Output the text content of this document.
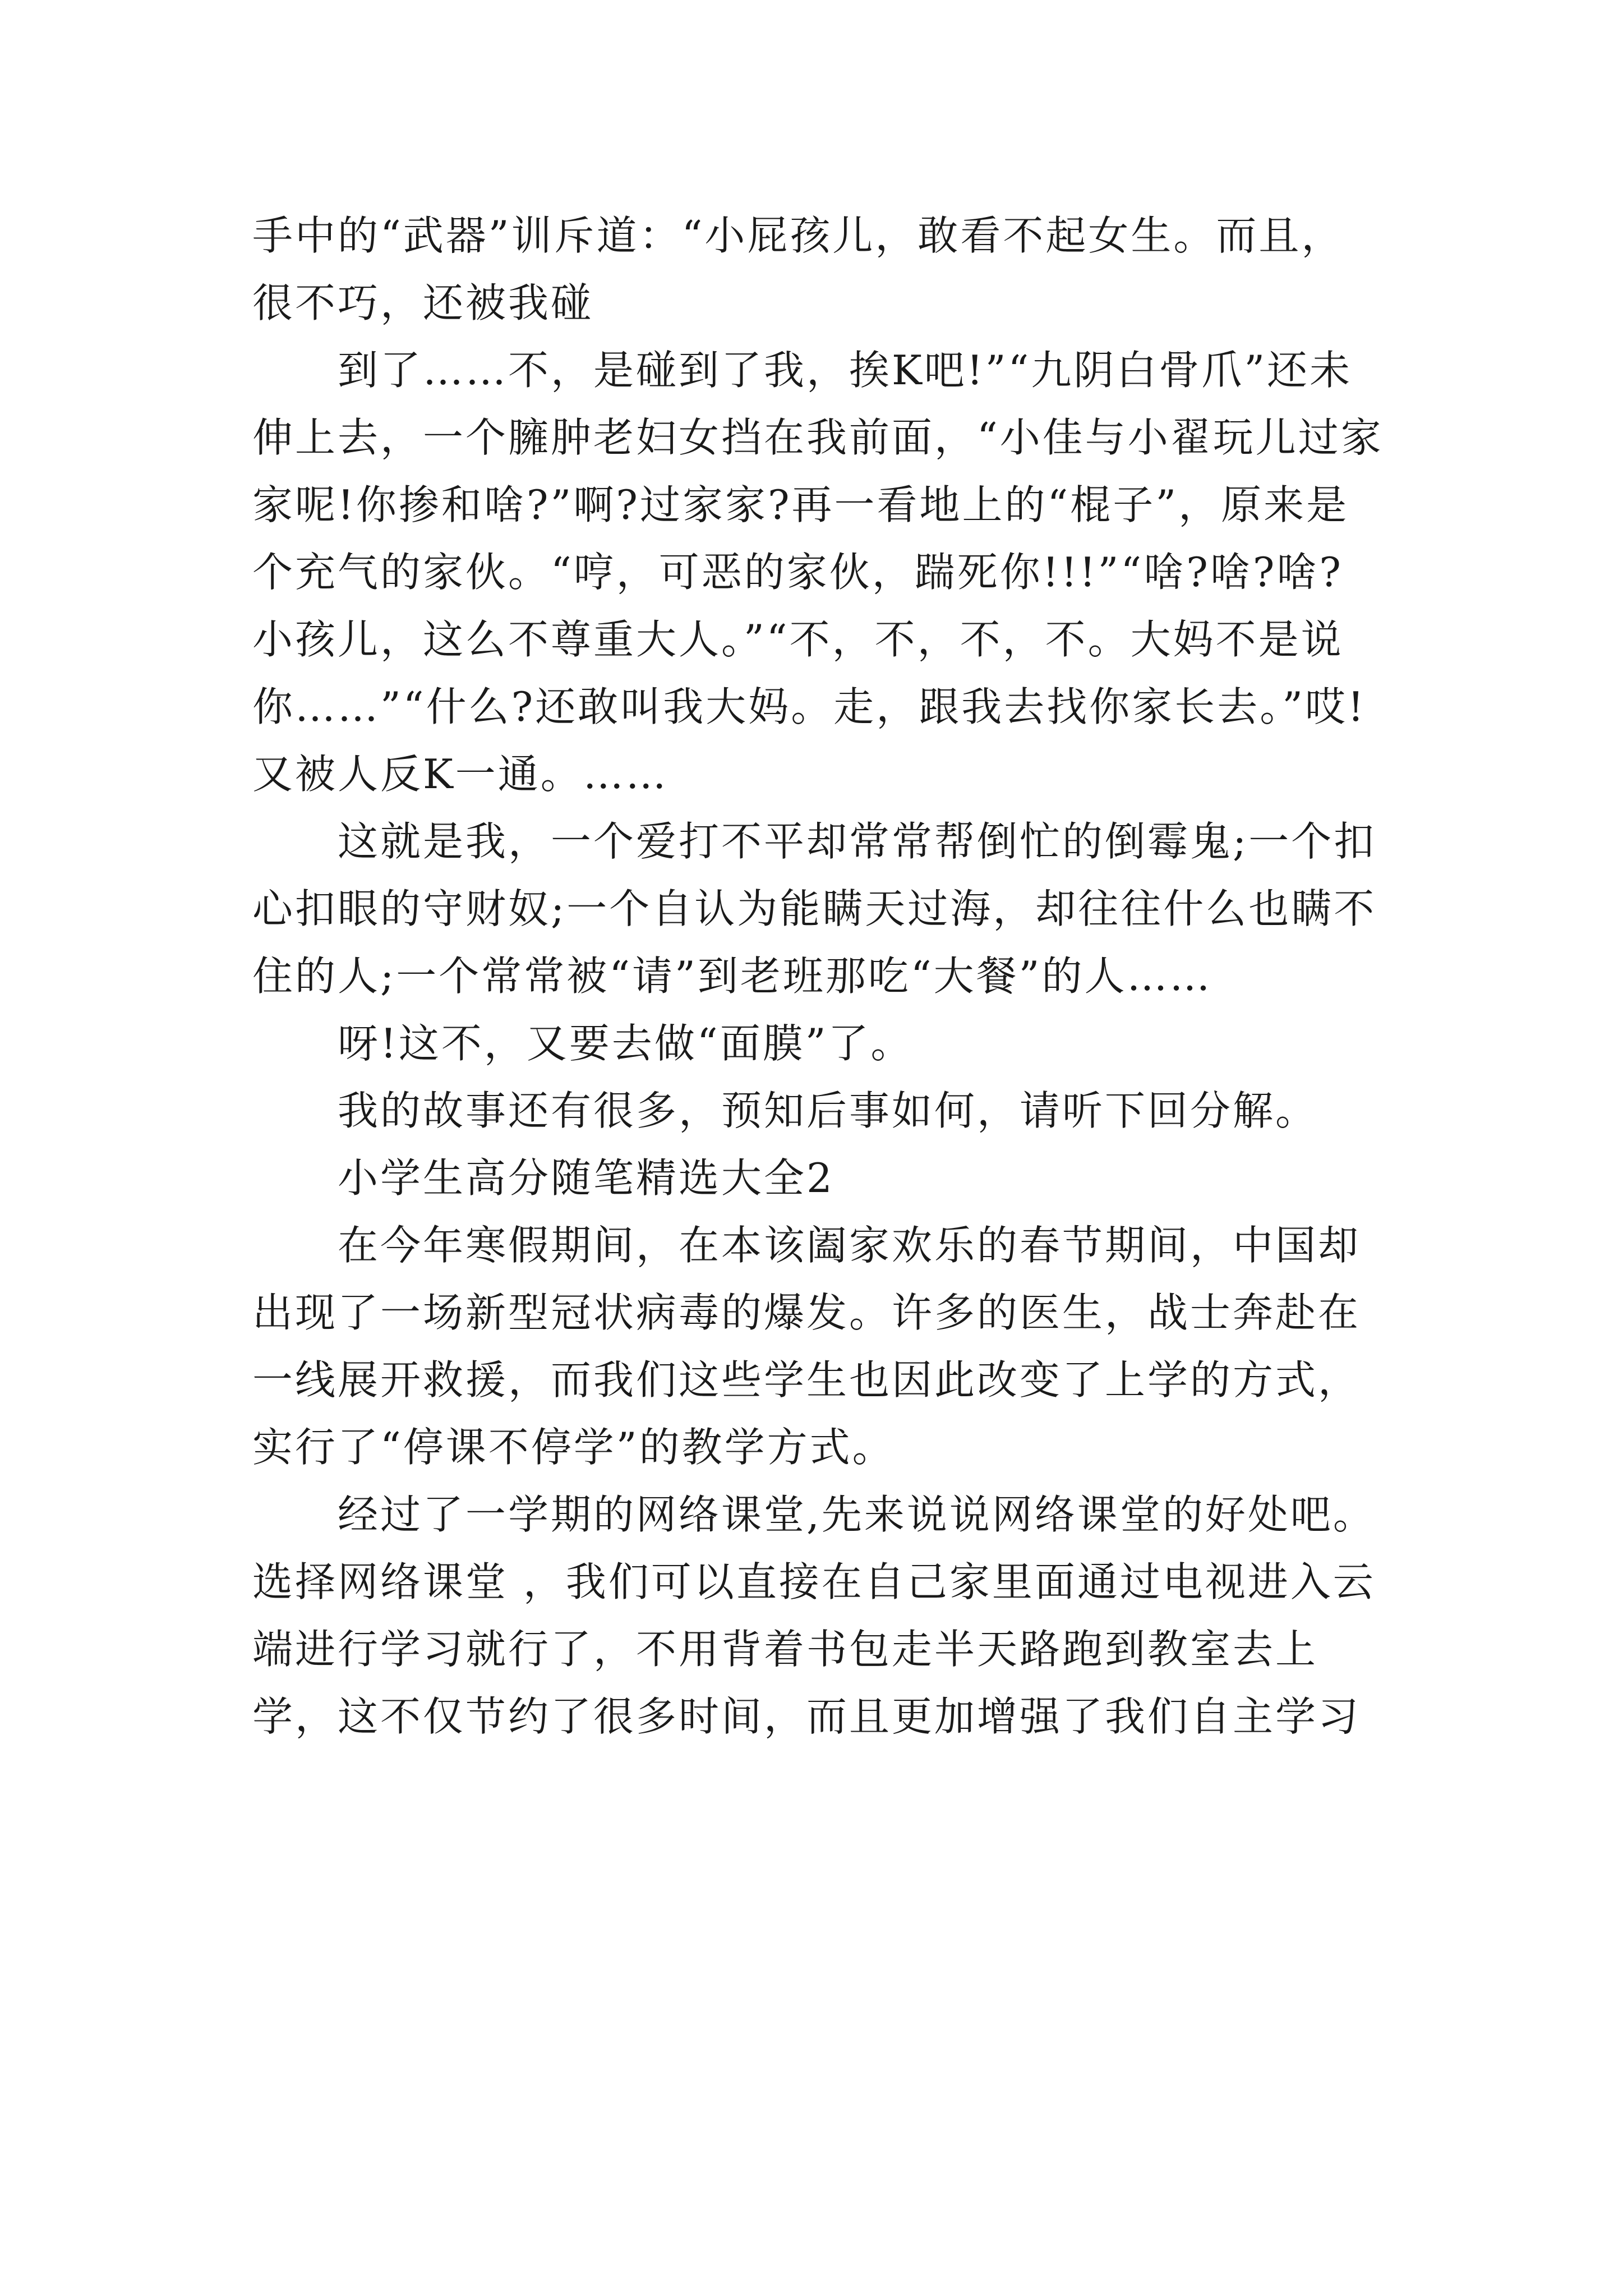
手中的“武器”训斥道：“小屁孩儿，敢看不起女生。而且，很不巧，还被我碰

到了……不，是碰到了我，挨K吧!”“九阴白骨爪”还未伸上去，一个臃肿老妇女挡在我前面，“小佳与小翟玩儿过家家呢!你掺和啥?”啊?过家家?再一看地上的“棍子”，原来是个充气的家伙。“哼，可恶的家伙，踹死你!!!”“啥?啥?啥?小孩儿，这么不尊重大人。”“不，不，不，不。大妈不是说你……”“什么?还敢叫我大妈。走，跟我去找你家长去。”哎!又被人反K一通。……

这就是我，一个爱打不平却常常帮倒忙的倒霉鬼;一个扣心扣眼的守财奴;一个自认为能瞒天过海，却往往什么也瞒不住的人;一个常常被“请”到老班那吃“大餐”的人……

呀!这不，又要去做“面膜”了。

我的故事还有很多，预知后事如何，请听下回分解。

小学生高分随笔精选大全2

在今年寒假期间，在本该阖家欢乐的春节期间，中国却出现了一场新型冠状病毒的爆发。许多的医生，战士奔赴在一线展开救援，而我们这些学生也因此改变了上学的方式，实行了“停课不停学”的教学方式。

经过了一学期的网络课堂,先来说说网络课堂的好处吧。选择网络课堂 ，我们可以直接在自己家里面通过电视进入云端进行学习就行了，不用背着书包走半天路跑到教室去上学，这不仅节约了很多时间，而且更加增强了我们自主学习
